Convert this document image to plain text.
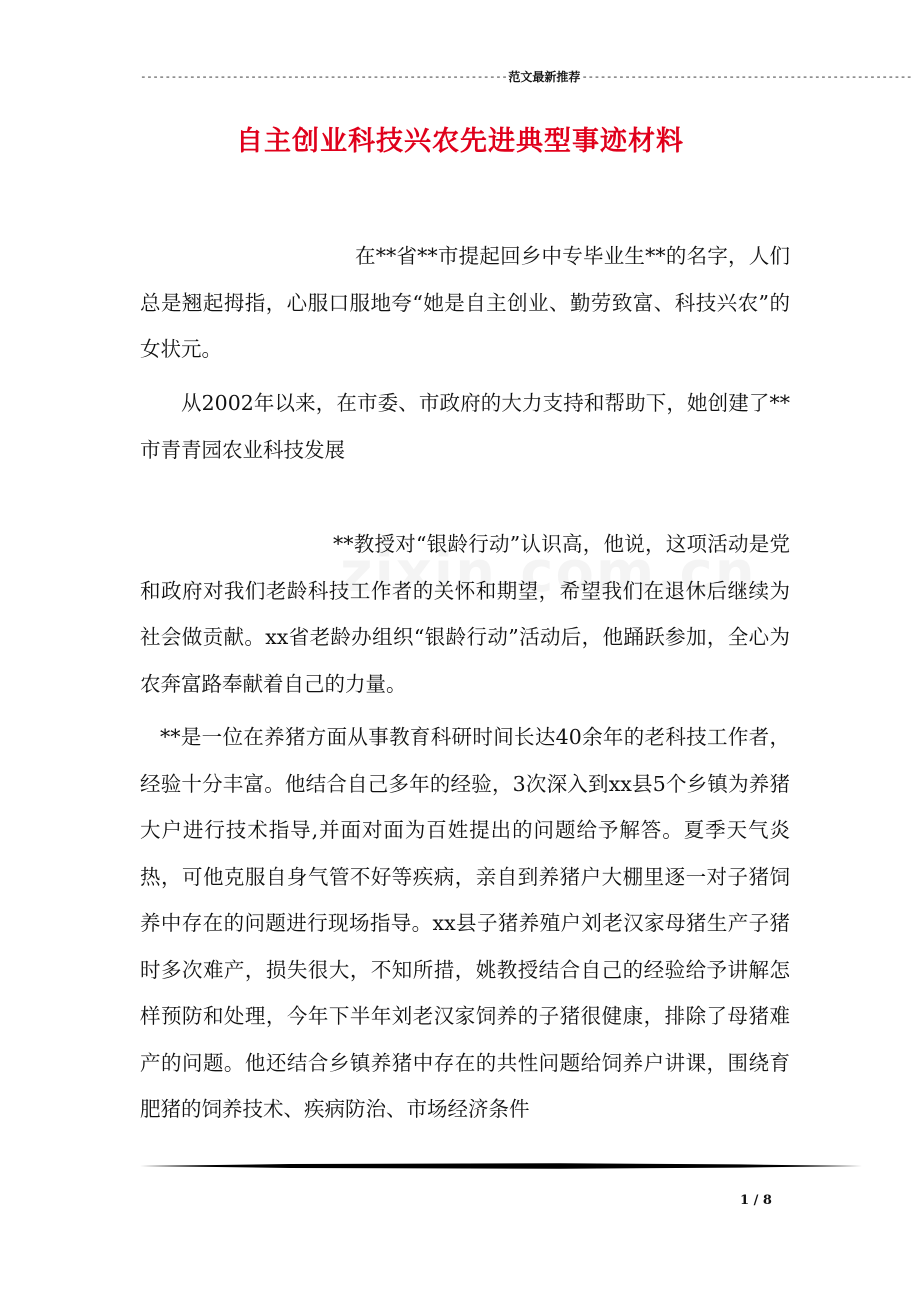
------------------------------------------------------------ 范文最新推荐 ------------------------------------------------------
自主创业科技兴农先进典型事迹材料

在**省**市提起回乡中专毕业生**的名字，人们总是翘起拇指，心服口服地夸“她是自主创业、勤劳致富、科技兴农”的女状元。

从2002年以来，在市委、市政府的大力支持和帮助下，她创建了**市青青园农业科技发展

**教授对“银龄行动”认识高，他说，这项活动是党和政府对我们老龄科技工作者的关怀和期望，希望我们在退休后继续为社会做贡献。xx省老龄办组织“银龄行动”活动后，他踊跃参加，全心为农奔富路奉献着自己的力量。

**是一位在养猪方面从事教育科研时间长达40余年的老科技工作者，经验十分丰富。他结合自己多年的经验，3次深入到xx县5个乡镇为养猪大户进行技术指导,并面对面为百姓提出的问题给予解答。夏季天气炎热，可他克服自身气管不好等疾病，亲自到养猪户大棚里逐一对子猪饲养中存在的问题进行现场指导。xx县子猪养殖户刘老汉家母猪生产子猪时多次难产，损失很大，不知所措，姚教授结合自己的经验给予讲解怎样预防和处理，今年下半年刘老汉家饲养的子猪很健康，排除了母猪难产的问题。他还结合乡镇养猪中存在的共性问题给饲养户讲课，围绕育肥猪的饲养技术、疾病防治、市场经济条件

1 / 8
